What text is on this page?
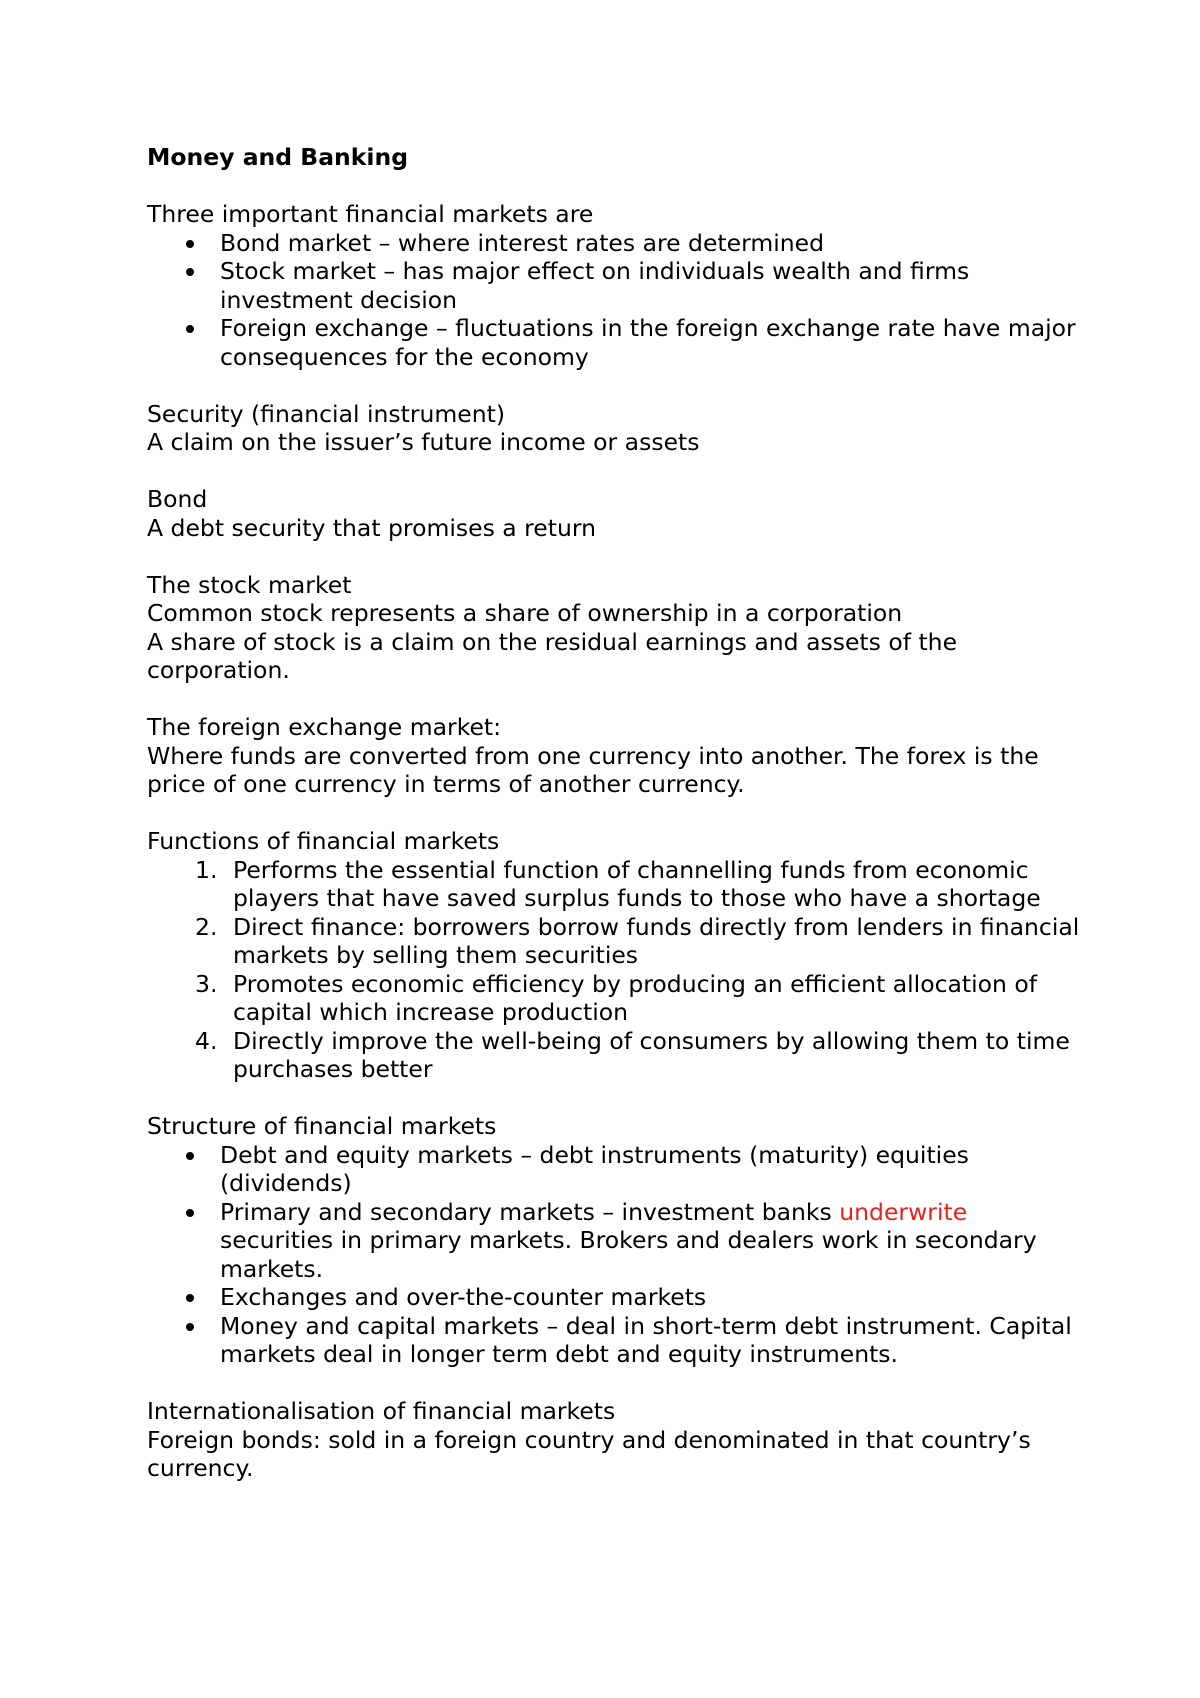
Money and Banking

Three important financial markets are

Bond market – where interest rates are determined
Stock market – has major effect on individuals wealth and firms investment decision
Foreign exchange – fluctuations in the foreign exchange rate have major consequences for the economy

Security (financial instrument)

A claim on the issuer’s future income or assets

Bond

A debt security that promises a return

The stock market

Common stock represents a share of ownership in a corporation

A share of stock is a claim on the residual earnings and assets of the corporation.

The foreign exchange market:

Where funds are converted from one currency into another. The forex is the price of one currency in terms of another currency.

Functions of financial markets

1. Performs the essential function of channelling funds from economic players that have saved surplus funds to those who have a shortage
2. Direct finance: borrowers borrow funds directly from lenders in financial markets by selling them securities
3. Promotes economic efficiency by producing an efficient allocation of capital which increase production
4. Directly improve the well-being of consumers by allowing them to time purchases better

Structure of financial markets

Debt and equity markets – debt instruments (maturity) equities (dividends)
Primary and secondary markets – investment banks underwrite securities in primary markets. Brokers and dealers work in secondary markets.
Exchanges and over-the-counter markets
Money and capital markets – deal in short-term debt instrument. Capital markets deal in longer term debt and equity instruments.

Internationalisation of financial markets

Foreign bonds: sold in a foreign country and denominated in that country’s currency.
